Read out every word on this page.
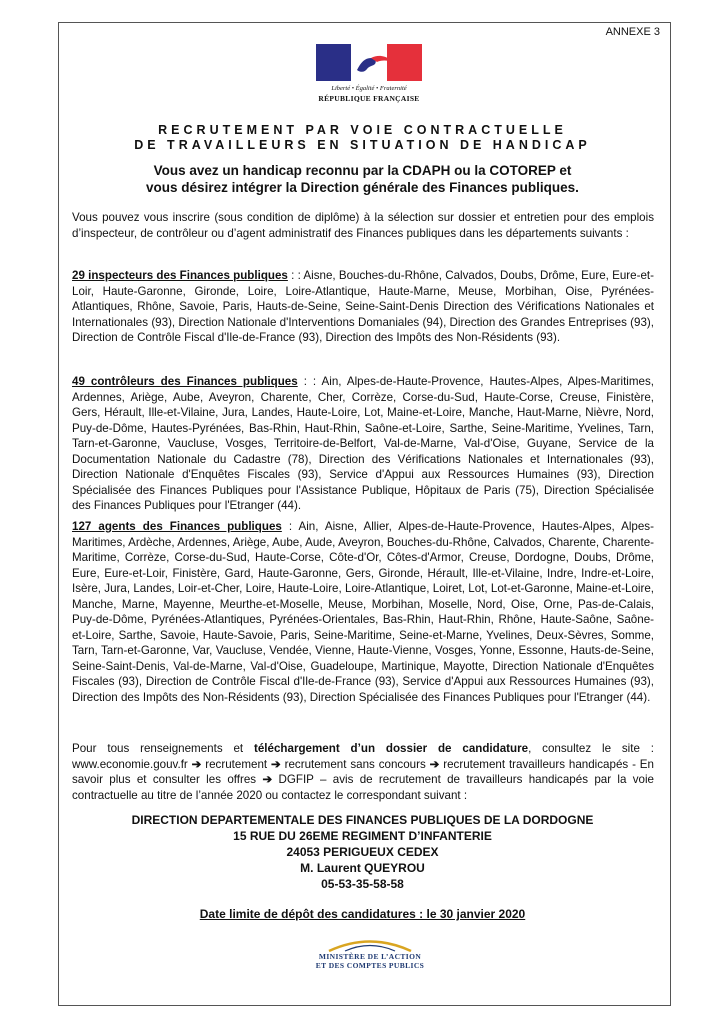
ANNEXE 3
Liberté • Égalité • Fraternité
RÉPUBLIQUE FRANÇAISE
RECRUTEMENT PAR VOIE CONTRACTUELLE
DE TRAVAILLEURS EN SITUATION DE HANDICAP
Vous avez un handicap reconnu par la CDAPH ou la COTOREP et
vous désirez intégrer la Direction générale des Finances publiques.
Vous pouvez vous inscrire (sous condition de diplôme) à la sélection sur dossier et entretien pour des emplois d’inspecteur, de contrôleur ou d’agent administratif des Finances publiques dans les départements suivants :
29 inspecteurs des Finances publiques : : Aisne, Bouches-du-Rhône, Calvados, Doubs, Drôme, Eure, Eure-et-Loir, Haute-Garonne, Gironde, Loire, Loire-Atlantique, Haute-Marne, Meuse, Morbihan, Oise, Pyrénées-Atlantiques, Rhône, Savoie, Paris, Hauts-de-Seine, Seine-Saint-Denis Direction des Vérifications Nationales et Internationales (93), Direction Nationale d'Interventions Domaniales (94), Direction des Grandes Entreprises (93), Direction de Contrôle Fiscal d'Ile-de-France (93), Direction des Impôts des Non-Résidents (93).
49 contrôleurs des Finances publiques : : Ain, Alpes-de-Haute-Provence, Hautes-Alpes, Alpes-Maritimes, Ardennes, Ariège, Aube, Aveyron, Charente, Cher, Corrèze, Corse-du-Sud, Haute-Corse, Creuse, Finistère, Gers, Hérault, Ille-et-Vilaine, Jura, Landes, Haute-Loire, Lot, Maine-et-Loire, Manche, Haut-Marne, Nièvre, Nord, Puy-de-Dôme, Hautes-Pyrénées, Bas-Rhin, Haut-Rhin, Saône-et-Loire, Sarthe, Seine-Maritime, Yvelines, Tarn, Tarn-et-Garonne, Vaucluse, Vosges, Territoire-de-Belfort, Val-de-Marne, Val-d'Oise, Guyane, Service de la Documentation Nationale du Cadastre (78), Direction des Vérifications Nationales et Internationales (93), Direction Nationale d'Enquêtes Fiscales (93), Service d'Appui aux Ressources Humaines (93), Direction Spécialisée des Finances Publiques pour l'Assistance Publique, Hôpitaux de Paris (75), Direction Spécialisée des Finances Publiques pour l'Etranger (44).
127 agents des Finances publiques : Ain, Aisne, Allier, Alpes-de-Haute-Provence, Hautes-Alpes, Alpes-Maritimes, Ardèche, Ardennes, Ariège, Aube, Aude, Aveyron, Bouches-du-Rhône, Calvados, Charente, Charente-Maritime, Corrèze, Corse-du-Sud, Haute-Corse, Côte-d'Or, Côtes-d'Armor, Creuse, Dordogne, Doubs, Drôme, Eure, Eure-et-Loir, Finistère, Gard, Haute-Garonne, Gers, Gironde, Hérault, Ille-et-Vilaine, Indre, Indre-et-Loire, Isère, Jura, Landes, Loir-et-Cher, Loire, Haute-Loire, Loire-Atlantique, Loiret, Lot, Lot-et-Garonne, Maine-et-Loire, Manche, Marne, Mayenne, Meurthe-et-Moselle, Meuse, Morbihan, Moselle, Nord, Oise, Orne, Pas-de-Calais, Puy-de-Dôme, Pyrénées-Atlantiques, Pyrénées-Orientales, Bas-Rhin, Haut-Rhin, Rhône, Haute-Saône, Saône-et-Loire, Sarthe, Savoie, Haute-Savoie, Paris, Seine-Maritime, Seine-et-Marne, Yvelines, Deux-Sèvres, Somme, Tarn, Tarn-et-Garonne, Var, Vaucluse, Vendée, Vienne, Haute-Vienne, Vosges, Yonne, Essonne, Hauts-de-Seine, Seine-Saint-Denis, Val-de-Marne, Val-d'Oise, Guadeloupe, Martinique, Mayotte, Direction Nationale d'Enquêtes Fiscales (93), Direction de Contrôle Fiscal d'Ile-de-France (93), Service d'Appui aux Ressources Humaines (93), Direction des Impôts des Non-Résidents (93), Direction Spécialisée des Finances Publiques pour l'Etranger (44).
Pour tous renseignements et téléchargement d’un dossier de candidature, consultez le site : www.economie.gouv.fr ➔ recrutement ➔ recrutement sans concours ➔ recrutement travailleurs handicapés - En savoir plus et consulter les offres ➔ DGFIP – avis de recrutement de travailleurs handicapés par la voie contractuelle au titre de l’année 2020 ou contactez le correspondant suivant :
DIRECTION DEPARTEMENTALE DES FINANCES PUBLIQUES DE LA DORDOGNE
15 RUE DU 26EME REGIMENT D’INFANTERIE
24053 PERIGUEUX CEDEX
M. Laurent QUEYROU
05-53-35-58-58
Date limite de dépôt des candidatures : le 30 janvier 2020
MINISTÈRE DE L’ACTION
ET DES COMPTES PUBLICS
